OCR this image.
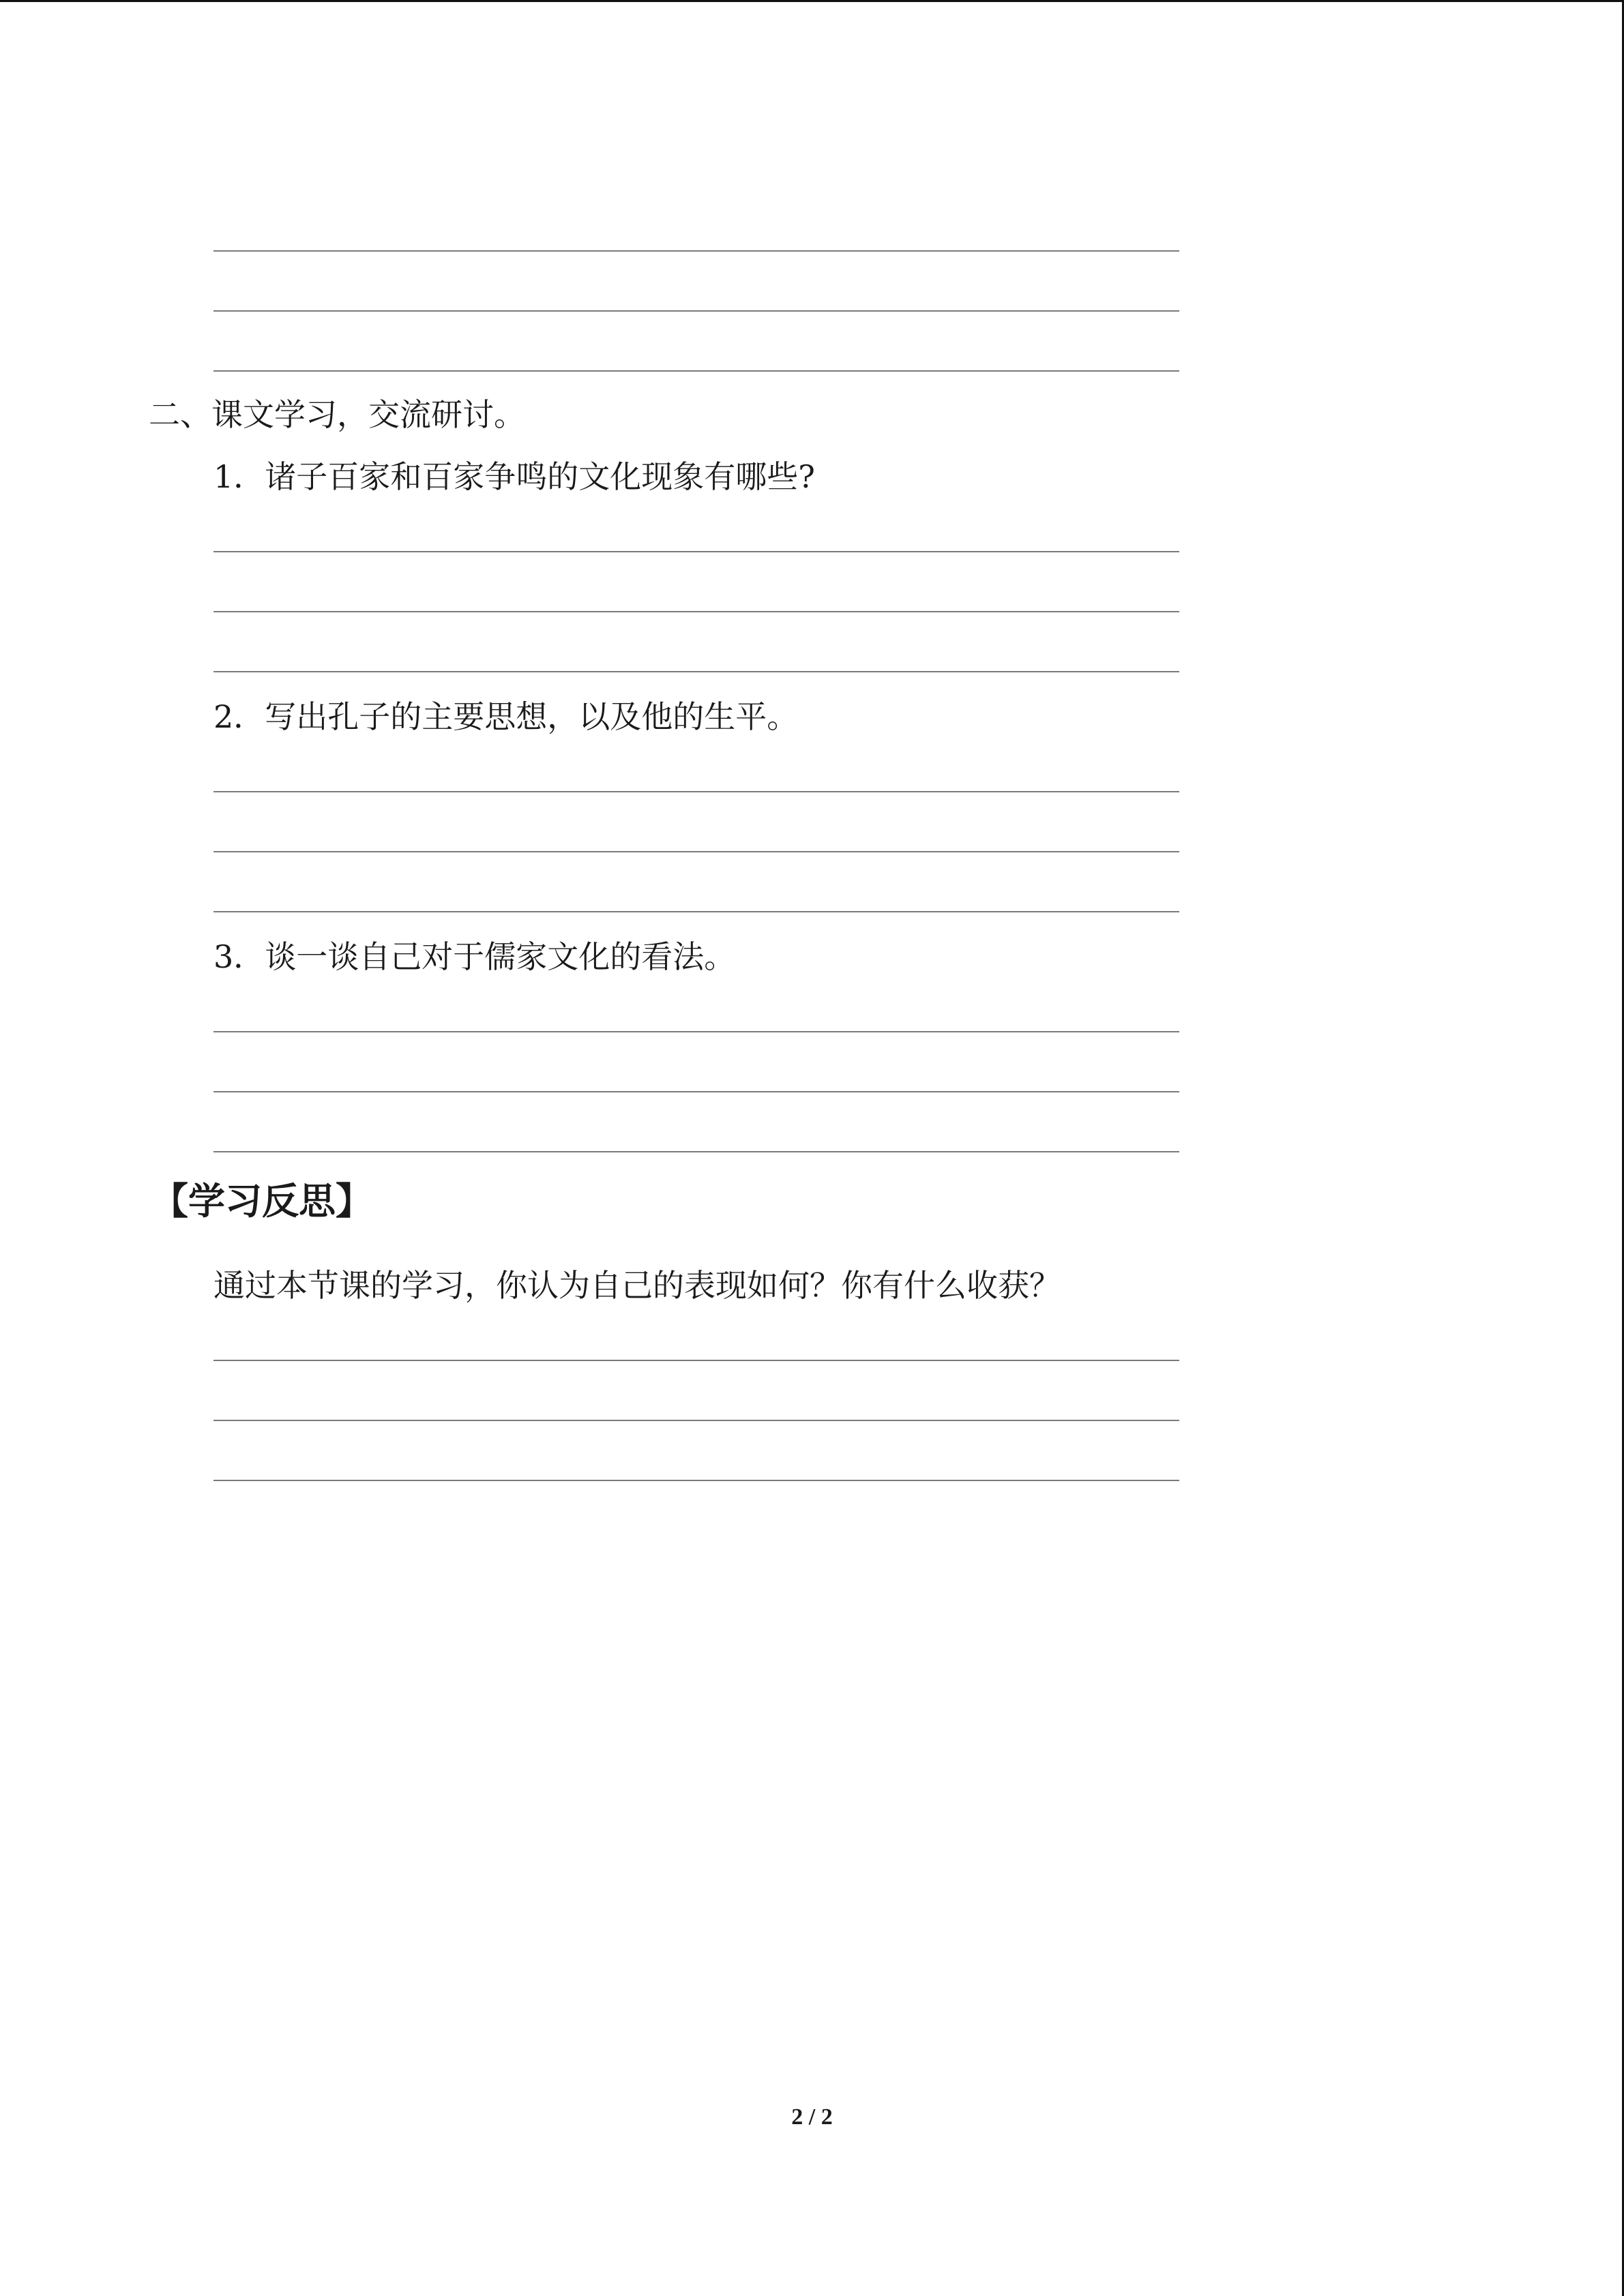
二、课文学习，交流研讨。
1．诸子百家和百家争鸣的文化现象有哪些?
2．写出孔子的主要思想，以及他的生平。
3．谈一谈自己对于儒家文化的看法。
【学习反思】
通过本节课的学习，你认为自己的表现如何？你有什么收获？
2 / 2
